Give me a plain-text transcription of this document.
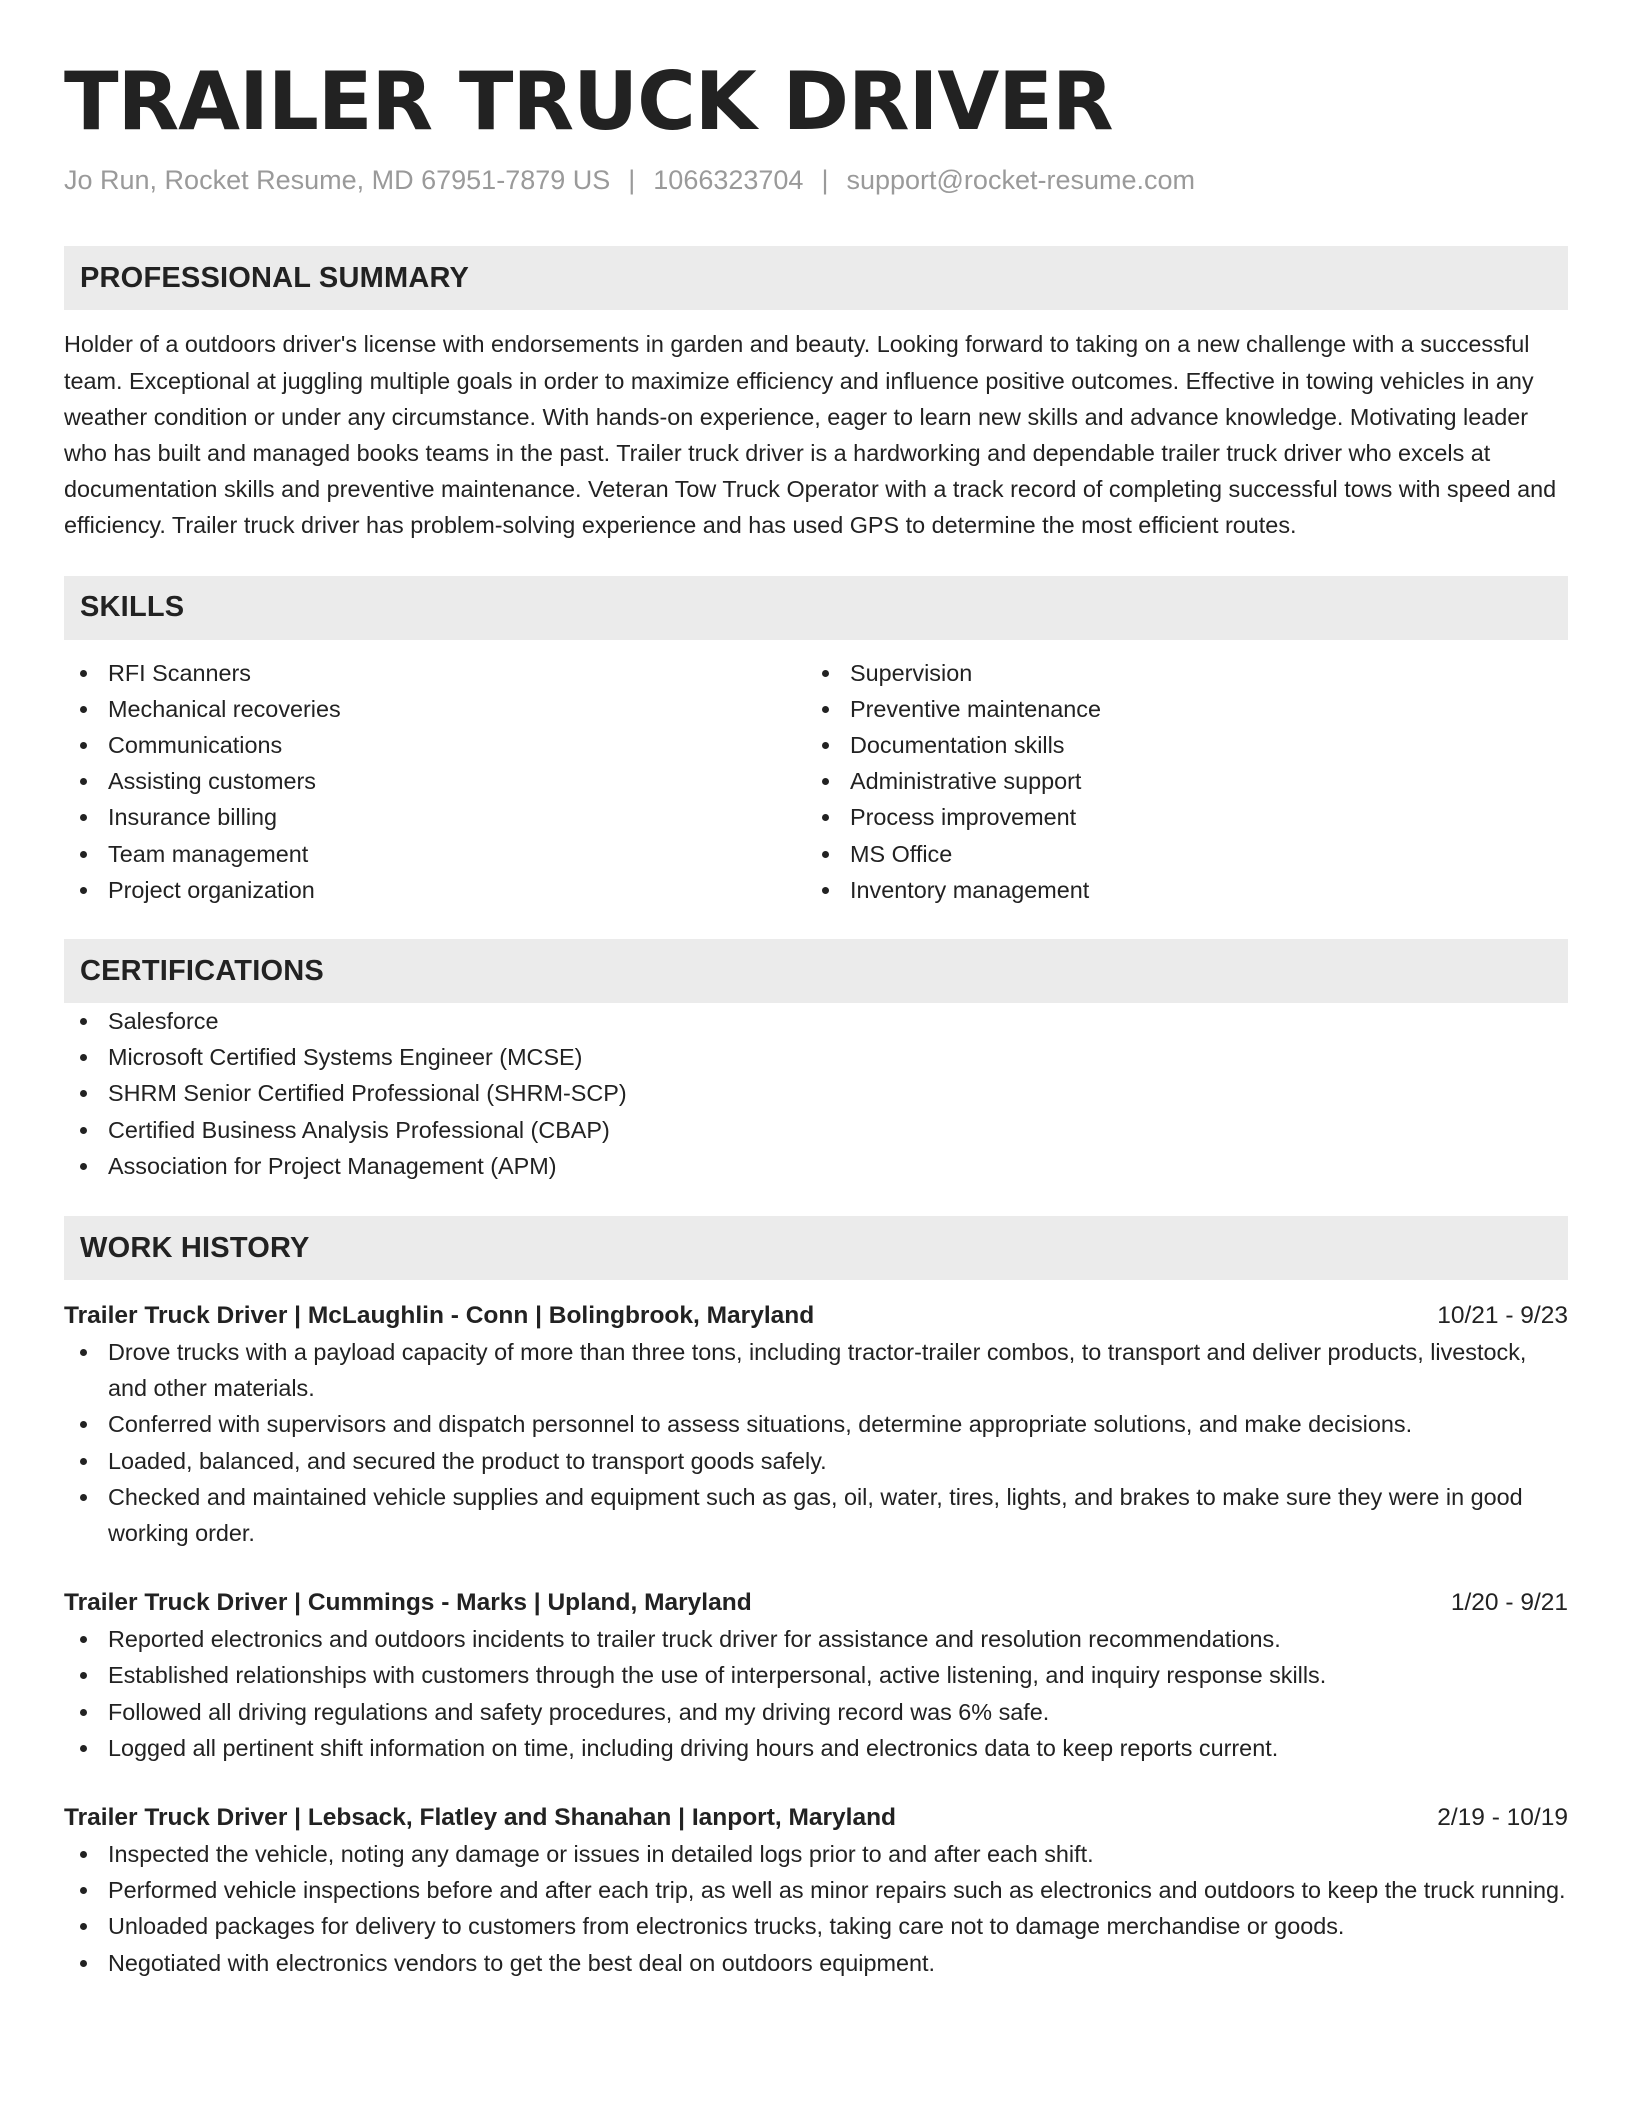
TRAILER TRUCK DRIVER
Jo Run, Rocket Resume, MD 67951-7879 US | 1066323704 | support@rocket-resume.com
PROFESSIONAL SUMMARY
Holder of a outdoors driver's license with endorsements in garden and beauty. Looking forward to taking on a new challenge with a successful team. Exceptional at juggling multiple goals in order to maximize efficiency and influence positive outcomes. Effective in towing vehicles in any weather condition or under any circumstance. With hands-on experience, eager to learn new skills and advance knowledge. Motivating leader who has built and managed books teams in the past. Trailer truck driver is a hardworking and dependable trailer truck driver who excels at documentation skills and preventive maintenance. Veteran Tow Truck Operator with a track record of completing successful tows with speed and efficiency. Trailer truck driver has problem-solving experience and has used GPS to determine the most efficient routes.
SKILLS
RFI Scanners
Mechanical recoveries
Communications
Assisting customers
Insurance billing
Team management
Project organization
Supervision
Preventive maintenance
Documentation skills
Administrative support
Process improvement
MS Office
Inventory management
CERTIFICATIONS
Salesforce
Microsoft Certified Systems Engineer (MCSE)
SHRM Senior Certified Professional (SHRM-SCP)
Certified Business Analysis Professional (CBAP)
Association for Project Management (APM)
WORK HISTORY
Trailer Truck Driver | McLaughlin - Conn | Bolingbrook, Maryland	10/21 - 9/23
Drove trucks with a payload capacity of more than three tons, including tractor-trailer combos, to transport and deliver products, livestock, and other materials.
Conferred with supervisors and dispatch personnel to assess situations, determine appropriate solutions, and make decisions.
Loaded, balanced, and secured the product to transport goods safely.
Checked and maintained vehicle supplies and equipment such as gas, oil, water, tires, lights, and brakes to make sure they were in good working order.
Trailer Truck Driver | Cummings - Marks | Upland, Maryland	1/20 - 9/21
Reported electronics and outdoors incidents to trailer truck driver for assistance and resolution recommendations.
Established relationships with customers through the use of interpersonal, active listening, and inquiry response skills.
Followed all driving regulations and safety procedures, and my driving record was 6% safe.
Logged all pertinent shift information on time, including driving hours and electronics data to keep reports current.
Trailer Truck Driver | Lebsack, Flatley and Shanahan | Ianport, Maryland	2/19 - 10/19
Inspected the vehicle, noting any damage or issues in detailed logs prior to and after each shift.
Performed vehicle inspections before and after each trip, as well as minor repairs such as electronics and outdoors to keep the truck running.
Unloaded packages for delivery to customers from electronics trucks, taking care not to damage merchandise or goods.
Negotiated with electronics vendors to get the best deal on outdoors equipment.
